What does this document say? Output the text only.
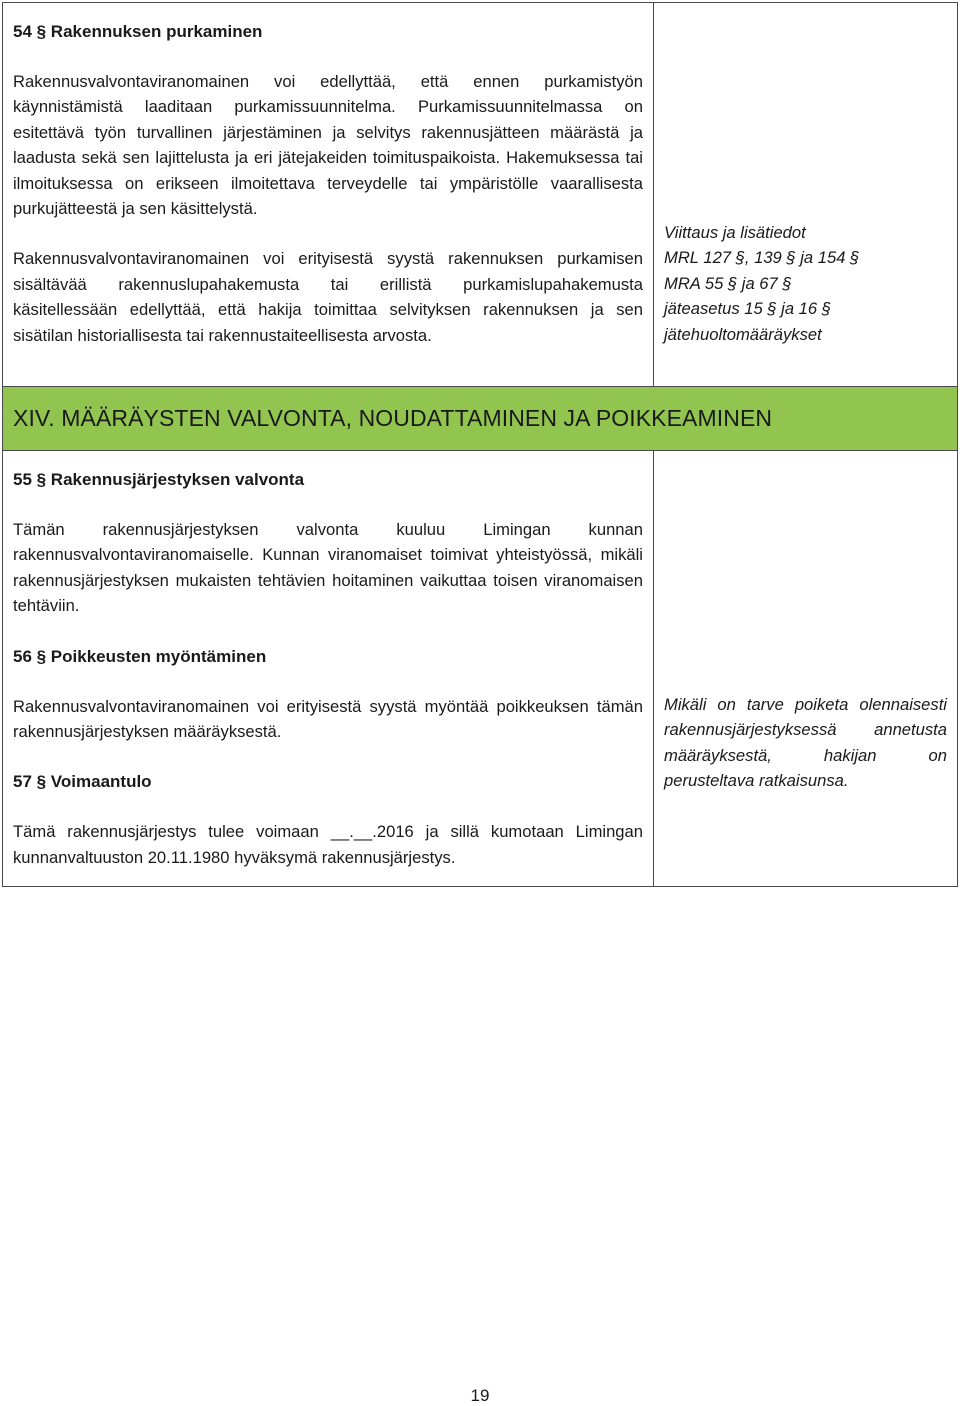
54 § Rakennuksen purkaminen

Rakennusvalvontaviranomainen voi edellyttää, että ennen purkamistyön käynnistämistä laaditaan purkamissuunnitelma. Purkamissuunnitelmassa on esitettävä työn turvallinen järjestäminen ja selvitys rakennusjätteen määrästä ja laadusta sekä sen lajittelusta ja eri jätejakeiden toimituspaikoista. Hakemuksessa tai ilmoituksessa on erikseen ilmoitettava terveydelle tai ympäristölle vaarallisesta purkujätteestä ja sen käsittelystä.

Rakennusvalvontaviranomainen voi erityisestä syystä rakennuksen purkamisen sisältävää rakennuslupahakemusta tai erillistä purkamislupahakemusta käsitellessään edellyttää, että hakija toimittaa selvityksen rakennuksen ja sen sisätilan historiallisesta tai rakennustaiteellisesta arvosta.

Viittaus ja lisätiedot
MRL 127 §, 139 § ja 154 §
MRA 55 § ja 67 §
jäteasetus 15 § ja 16 §
jätehuoltomääräykset
XIV. MÄÄRÄYSTEN VALVONTA, NOUDATTAMINEN JA POIKKEAMINEN
55 § Rakennusjärjestyksen valvonta

Tämän rakennusjärjestyksen valvonta kuuluu Limingan kunnan rakennusvalvontaviranomaiselle. Kunnan viranomaiset toimivat yhteistyössä, mikäli rakennusjärjestyksen mukaisten tehtävien hoitaminen vaikuttaa toisen viranomaisen tehtäviin.

56 § Poikkeusten myöntäminen

Rakennusvalvontaviranomainen voi erityisestä syystä myöntää poikkeuksen tämän rakennusjärjestyksen määräyksestä.

57 § Voimaantulo

Tämä rakennusjärjestys tulee voimaan __.__.2016 ja sillä kumotaan Limingan kunnanvaltuuston 20.11.1980 hyväksymä rakennusjärjestys.

Mikäli on tarve poiketa olennaisesti rakennusjärjestyksessä annetusta määräyksestä, hakijan on perusteltava ratkaisunsa.
19
